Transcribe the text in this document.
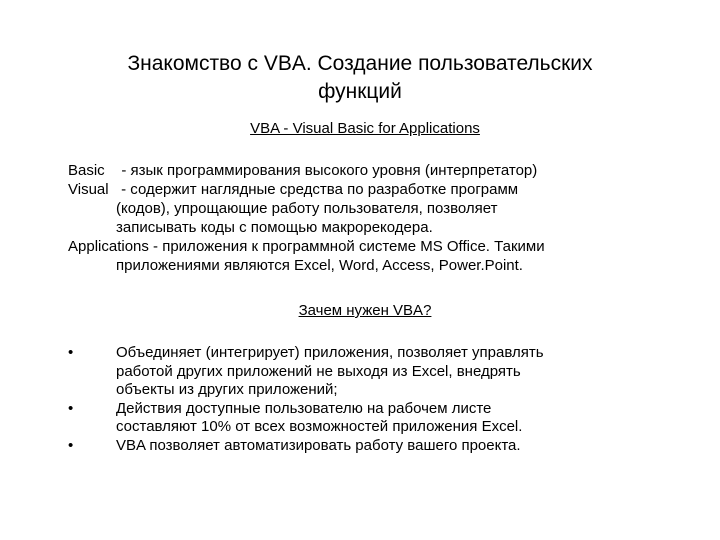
Знакомство с VBA. Создание пользовательских
функций
VBA - Visual Basic for Applications
Basic - язык программирования высокого уровня (интерпретатор)
Visual - содержит наглядные средства по разработке программ
(кодов), упрощающие работу пользователя, позволяет
записывать коды с помощью макрорекодера.
Applications - приложения к программной системе MS Office. Такими
приложениями являются Excel, Word, Access, Power.Point.
Зачем нужен VBA?
•	Объединяет (интегрирует) приложения, позволяет управлять
работой других приложений не выходя из Excel, внедрять
объекты из других приложений;
•	Действия доступные пользователю на рабочем листе
составляют 10% от всех возможностей приложения Excel.
•	VBA позволяет автоматизировать работу вашего проекта.
